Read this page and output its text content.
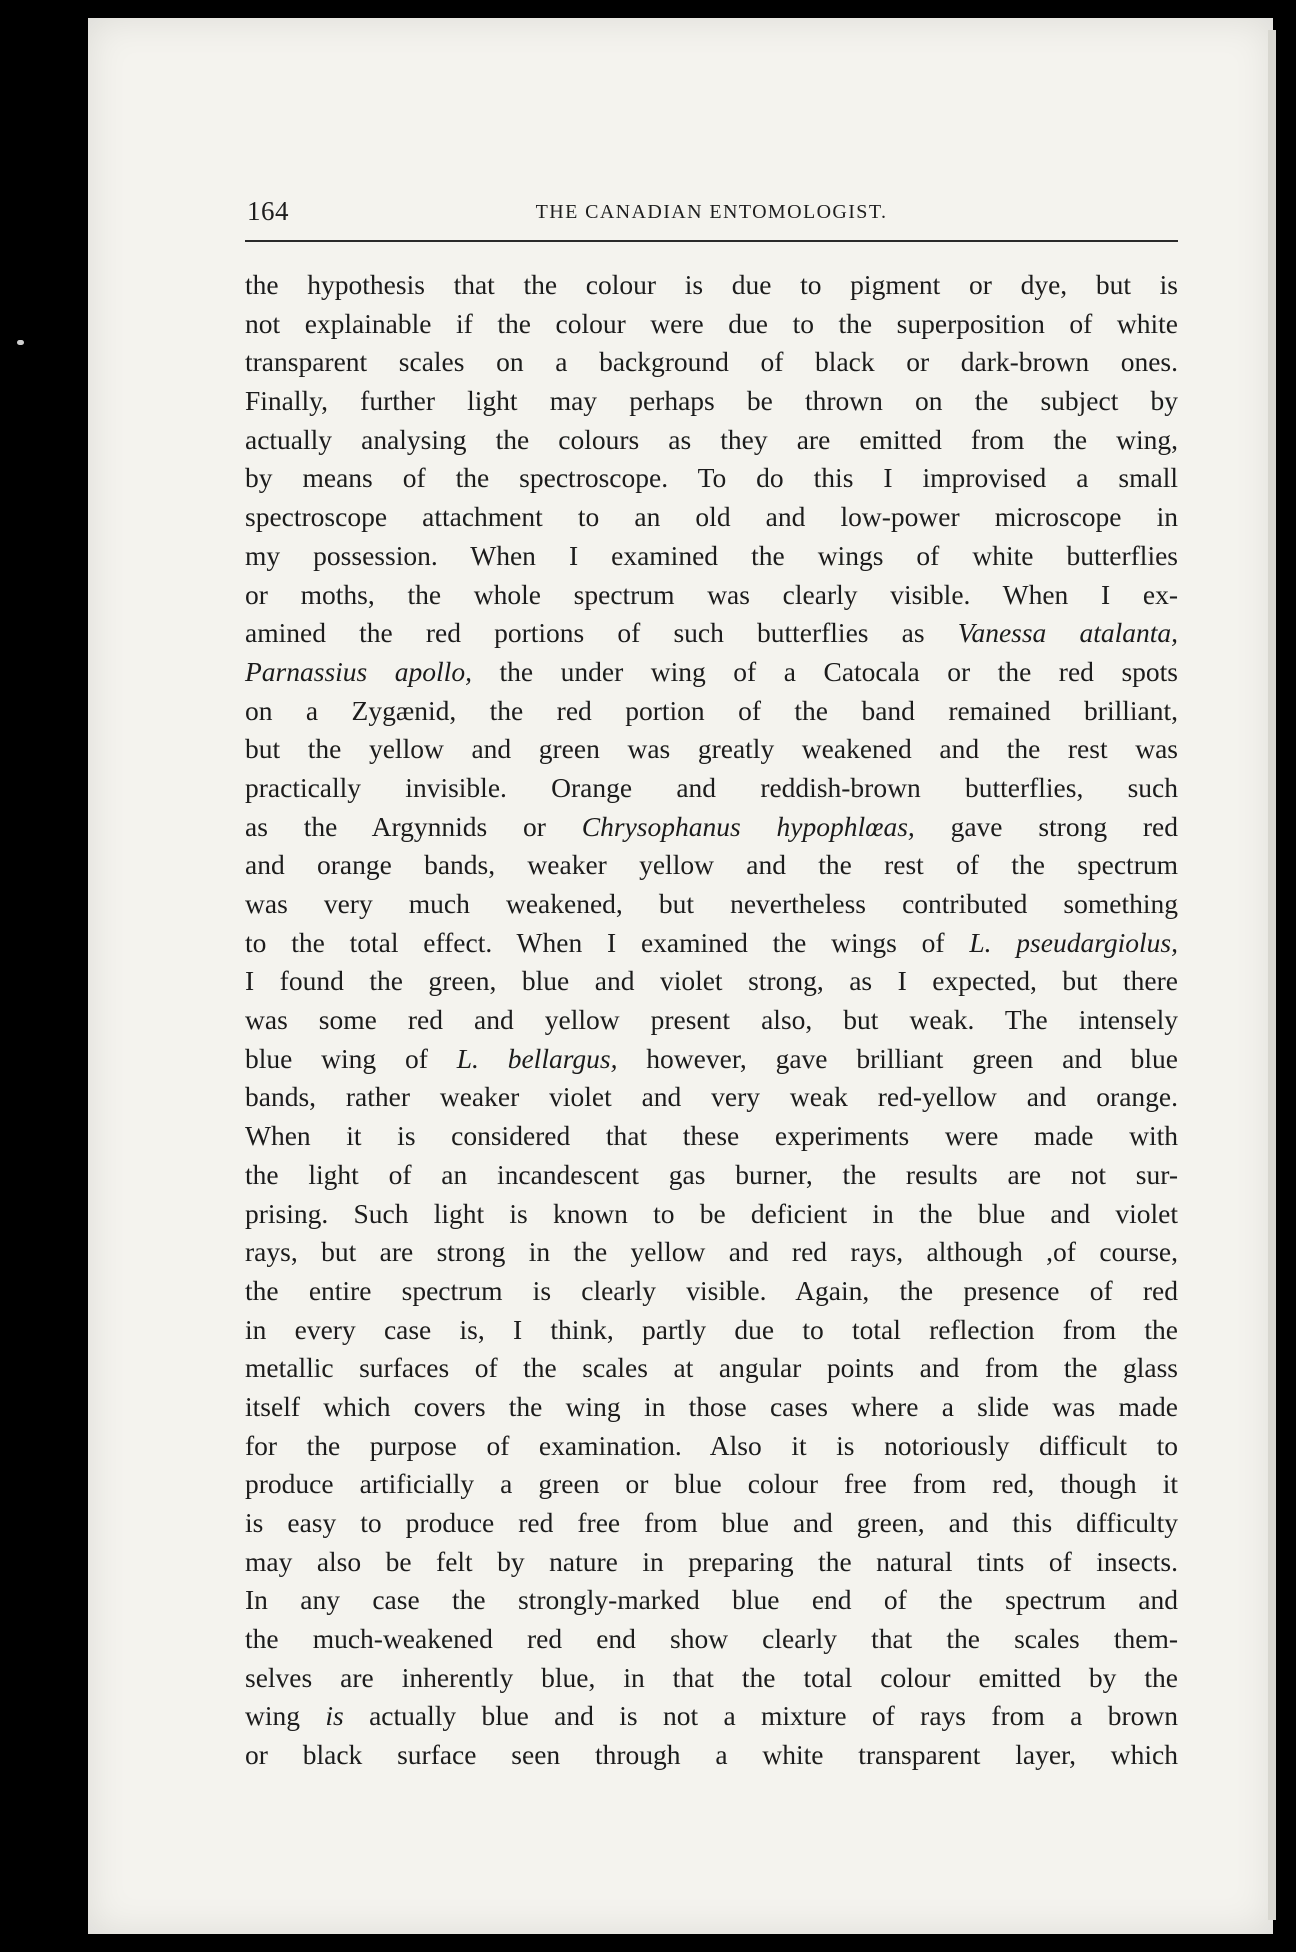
164	THE CANADIAN ENTOMOLOGIST.
the hypothesis that the colour is due to pigment or dye, but is
not explainable if the colour were due to the superposition of white
transparent scales on a background of black or dark-brown ones.
Finally, further light may perhaps be thrown on the subject by
actually analysing the colours as they are emitted from the wing,
by means of the spectroscope. To do this I improvised a small
spectroscope attachment to an old and low-power microscope in
my possession. When I examined the wings of white butterflies
or moths, the whole spectrum was clearly visible. When I ex-
amined the red portions of such butterflies as Vanessa atalanta,
Parnassius apollo, the under wing of a Catocala or the red spots
on a Zygænid, the red portion of the band remained brilliant,
but the yellow and green was greatly weakened and the rest was
practically invisible. Orange and reddish-brown butterflies, such
as the Argynnids or Chrysophanus hypophlœas, gave strong red
and orange bands, weaker yellow and the rest of the spectrum
was very much weakened, but nevertheless contributed something
to the total effect. When I examined the wings of L. pseudargiolus,
I found the green, blue and violet strong, as I expected, but there
was some red and yellow present also, but weak. The intensely
blue wing of L. bellargus, however, gave brilliant green and blue
bands, rather weaker violet and very weak red-yellow and orange.
When it is considered that these experiments were made with
the light of an incandescent gas burner, the results are not sur-
prising. Such light is known to be deficient in the blue and violet
rays, but are strong in the yellow and red rays, although ,of course,
the entire spectrum is clearly visible. Again, the presence of red
in every case is, I think, partly due to total reflection from the
metallic surfaces of the scales at angular points and from the glass
itself which covers the wing in those cases where a slide was made
for the purpose of examination. Also it is notoriously difficult to
produce artificially a green or blue colour free from red, though it
is easy to produce red free from blue and green, and this difficulty
may also be felt by nature in preparing the natural tints of insects.
In any case the strongly-marked blue end of the spectrum and
the much-weakened red end show clearly that the scales them-
selves are inherently blue, in that the total colour emitted by the
wing is actually blue and is not a mixture of rays from a brown
or black surface seen through a white transparent layer, which
